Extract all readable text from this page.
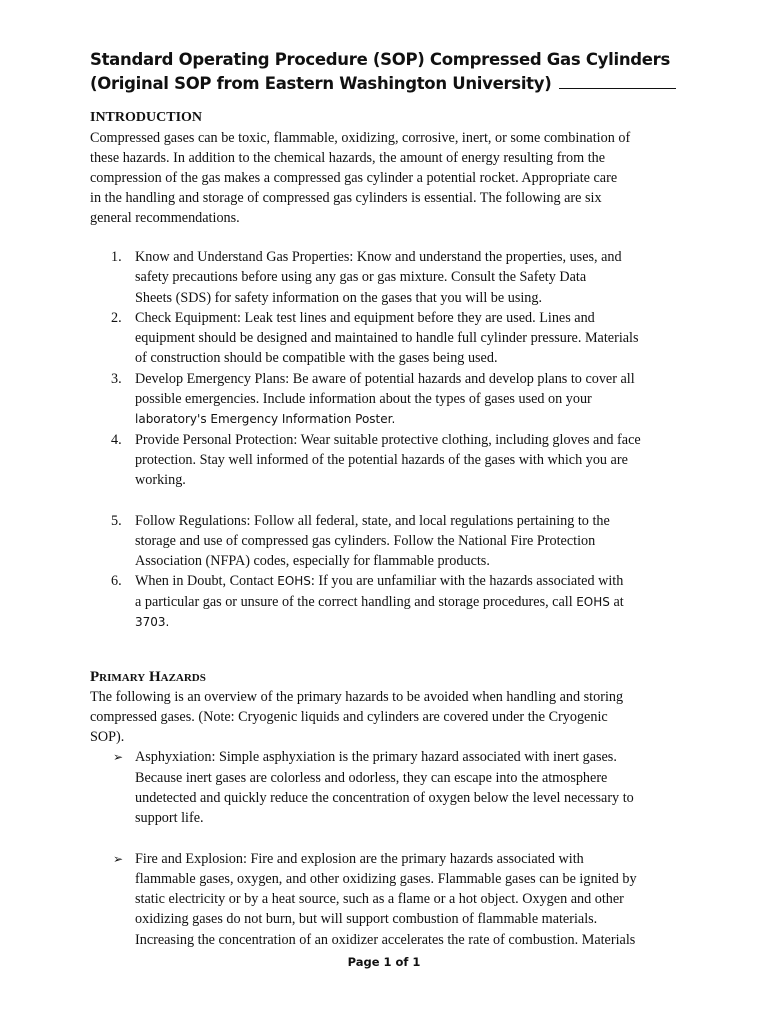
Standard Operating Procedure (SOP) Compressed Gas Cylinders
(Original SOP from Eastern Washington University)
INTRODUCTION
Compressed gases can be toxic, flammable, oxidizing, corrosive, inert, or some combination of
these hazards. In addition to the chemical hazards, the amount of energy resulting from the
compression of the gas makes a compressed gas cylinder a potential rocket. Appropriate care
in the handling and storage of compressed gas cylinders is essential. The following are six
general recommendations.
1. Know and Understand Gas Properties: Know and understand the properties, uses, and
safety precautions before using any gas or gas mixture. Consult the Safety Data
Sheets (SDS) for safety information on the gases that you will be using.
2. Check Equipment: Leak test lines and equipment before they are used. Lines and
equipment should be designed and maintained to handle full cylinder pressure. Materials
of construction should be compatible with the gases being used.
3. Develop Emergency Plans: Be aware of potential hazards and develop plans to cover all
possible emergencies. Include information about the types of gases used on your
laboratory's Emergency Information Poster.
4. Provide Personal Protection: Wear suitable protective clothing, including gloves and face
protection. Stay well informed of the potential hazards of the gases with which you are
working.
5. Follow Regulations: Follow all federal, state, and local regulations pertaining to the
storage and use of compressed gas cylinders. Follow the National Fire Protection
Association (NFPA) codes, especially for flammable products.
6. When in Doubt, Contact EOHS: If you are unfamiliar with the hazards associated with
a particular gas or unsure of the correct handling and storage procedures, call EOHS at
3703.
Primary Hazards
The following is an overview of the primary hazards to be avoided when handling and storing
compressed gases. (Note: Cryogenic liquids and cylinders are covered under the Cryogenic
SOP).
➢ Asphyxiation: Simple asphyxiation is the primary hazard associated with inert gases.
Because inert gases are colorless and odorless, they can escape into the atmosphere
undetected and quickly reduce the concentration of oxygen below the level necessary to
support life.
➢ Fire and Explosion: Fire and explosion are the primary hazards associated with
flammable gases, oxygen, and other oxidizing gases. Flammable gases can be ignited by
static electricity or by a heat source, such as a flame or a hot object. Oxygen and other
oxidizing gases do not burn, but will support combustion of flammable materials.
Increasing the concentration of an oxidizer accelerates the rate of combustion. Materials
Page 1 of 1
